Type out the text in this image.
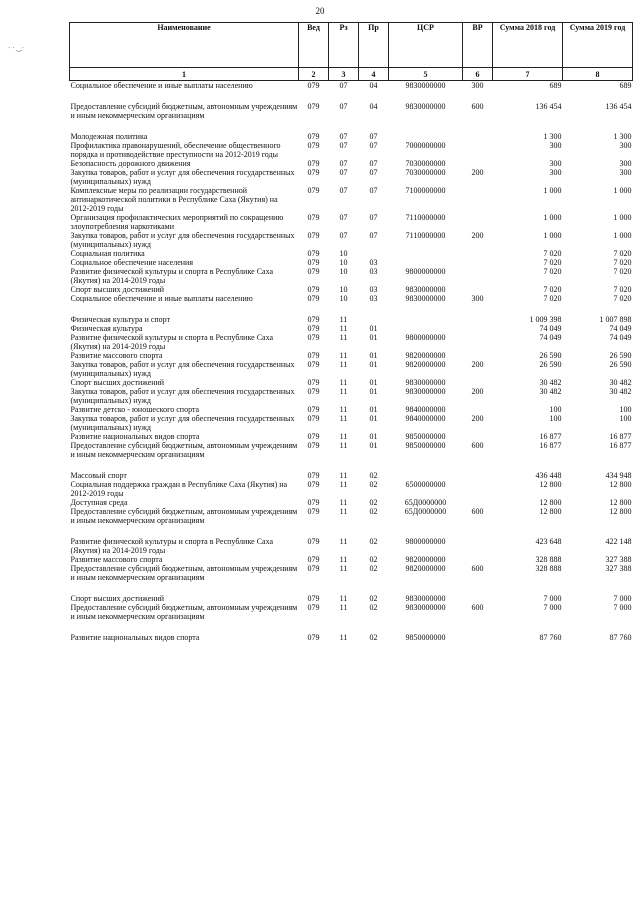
20
· · ‿·
Наименование	Вед	Рз	Пр	ЦСР	ВР	Сумма 2018 год	Сумма 2019 год
1	2	3	4	5	6	7	8
Социальное обеспечение и иные выплаты населению	079	07	04	9830000000	300	689	689

Предоставление субсидий бюджетным, автономным учреждениям и иным некоммерческим организациям	079	07	04	9830000000	600	136 454	136 454

Молодежная политика	079	07	07			1 300	1 300
Профилактика правонарушений, обеспечение общественного порядка и противодействие преступности на 2012-2019 годы	079	07	07	7000000000		300	300
Безопасность дорожного движения	079	07	07	7030000000		300	300
Закупка товаров, работ и услуг для обеспечения государственных (муниципальных) нужд	079	07	07	7030000000	200	300	300
Комплексные меры по реализации государственной антинаркотической политики в Республике Саха (Якутия) на 2012-2019 годы	079	07	07	7100000000		1 000	1 000
Организация профилактических мероприятий по сокращению злоупотребления наркотиками	079	07	07	7110000000		1 000	1 000
Закупка товаров, работ и услуг для обеспечения государственных (муниципальных) нужд	079	07	07	7110000000	200	1 000	1 000
Социальная политика	079	10				7 020	7 020
Социальное обеспечение населения	079	10	03			7 020	7 020
Развитие физической культуры и спорта в Республике Саха (Якутия) на 2014-2019 годы	079	10	03	9800000000		7 020	7 020
Спорт высших достижений	079	10	03	9830000000		7 020	7 020
Социальное обеспечение и иные выплаты населению	079	10	03	9830000000	300	7 020	7 020

Физическая культура и спорт	079	11				1 009 398	1 007 898
Физическая культура	079	11	01			74 049	74 049
Развитие физической культуры и спорта в Республике Саха (Якутия) на 2014-2019 годы	079	11	01	9800000000		74 049	74 049
Развитие массового спорта	079	11	01	9820000000		26 590	26 590
Закупка товаров, работ и услуг для обеспечения государственных (муниципальных) нужд	079	11	01	9820000000	200	26 590	26 590
Спорт высших достижений	079	11	01	9830000000		30 482	30 482
Закупка товаров, работ и услуг для обеспечения государственных (муниципальных) нужд	079	11	01	9830000000	200	30 482	30 482
Развитие детско - юношеского спорта	079	11	01	9840000000		100	100
Закупка товаров, работ и услуг для обеспечения государственных (муниципальных) нужд	079	11	01	9840000000	200	100	100
Развитие национальных видов спорта	079	11	01	9850000000		16 877	16 877
Предоставление субсидий бюджетным, автономным учреждениям и иным некоммерческим организациям	079	11	01	9850000000	600	16 877	16 877

Массовый спорт	079	11	02			436 448	434 948
Социальная поддержка граждан в Республике Саха (Якутия) на 2012-2019 годы	079	11	02	6500000000		12 800	12 800
Доступная среда	079	11	02	65Д0000000		12 800	12 800
Предоставление субсидий бюджетным, автономным учреждениям и иным некоммерческим организациям	079	11	02	65Д0000000	600	12 800	12 800

Развитие физической культуры и спорта в Республике Саха (Якутия) на 2014-2019 годы	079	11	02	9800000000		423 648	422 148
Развитие массового спорта	079	11	02	9820000000		328 888	327 388
Предоставление субсидий бюджетным, автономным учреждениям и иным некоммерческим организациям	079	11	02	9820000000	600	328 888	327 388

Спорт высших достижений	079	11	02	9830000000		7 000	7 000
Предоставление субсидий бюджетным, автономным учреждениям и иным некоммерческим организациям	079	11	02	9830000000	600	7 000	7 000

Развитие национальных видов спорта	079	11	02	9850000000		87 760	87 760
